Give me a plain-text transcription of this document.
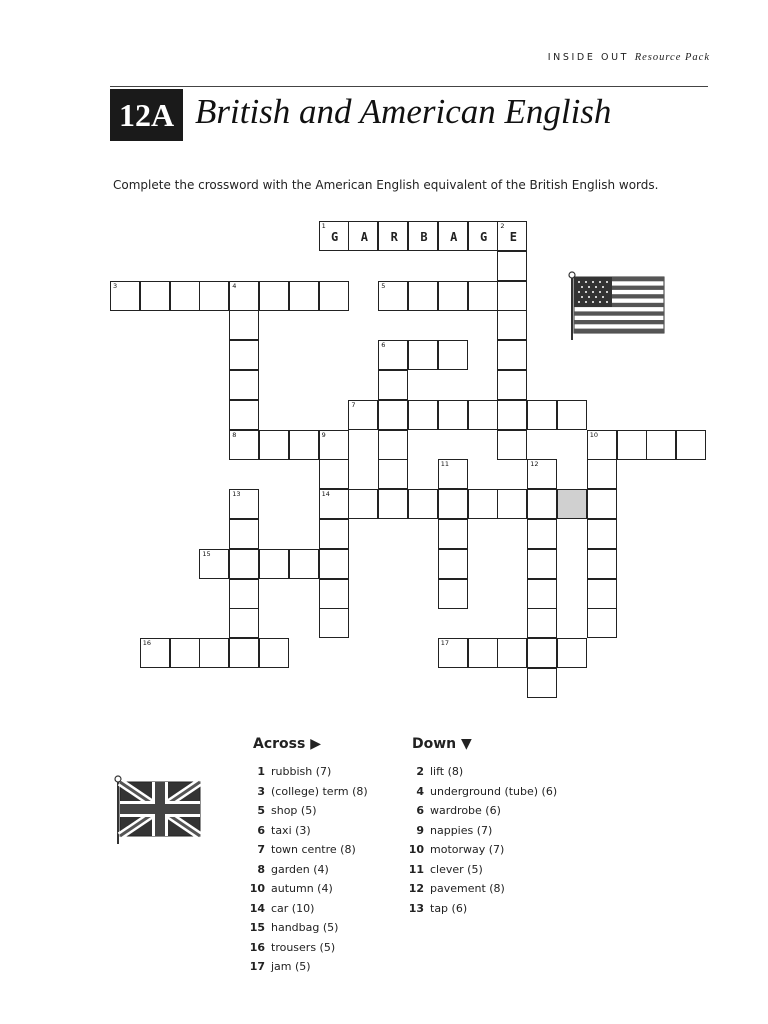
INSIDE OUT Resource Pack
12A British and American English
Complete the crossword with the American English equivalent of the British English words.
1
G	A	R	B	A	G
2
E
3	4
8
5
6
7
9
14
10
11	12
13
15
16	17
Across ▶	Down ▼
1 rubbish (7)
3 (college) term (8)
5 shop (5)
6 taxi (3)
7 town centre (8)
8 garden (4)
10 autumn (4)
14 car (10)
15 handbag (5)
16 trousers (5)
17 jam (5)
2 lift (8)
4 underground (tube) (6)
6 wardrobe (6)
9 nappies (7)
10 motorway (7)
11 clever (5)
12 pavement (8)
13 tap (6)
